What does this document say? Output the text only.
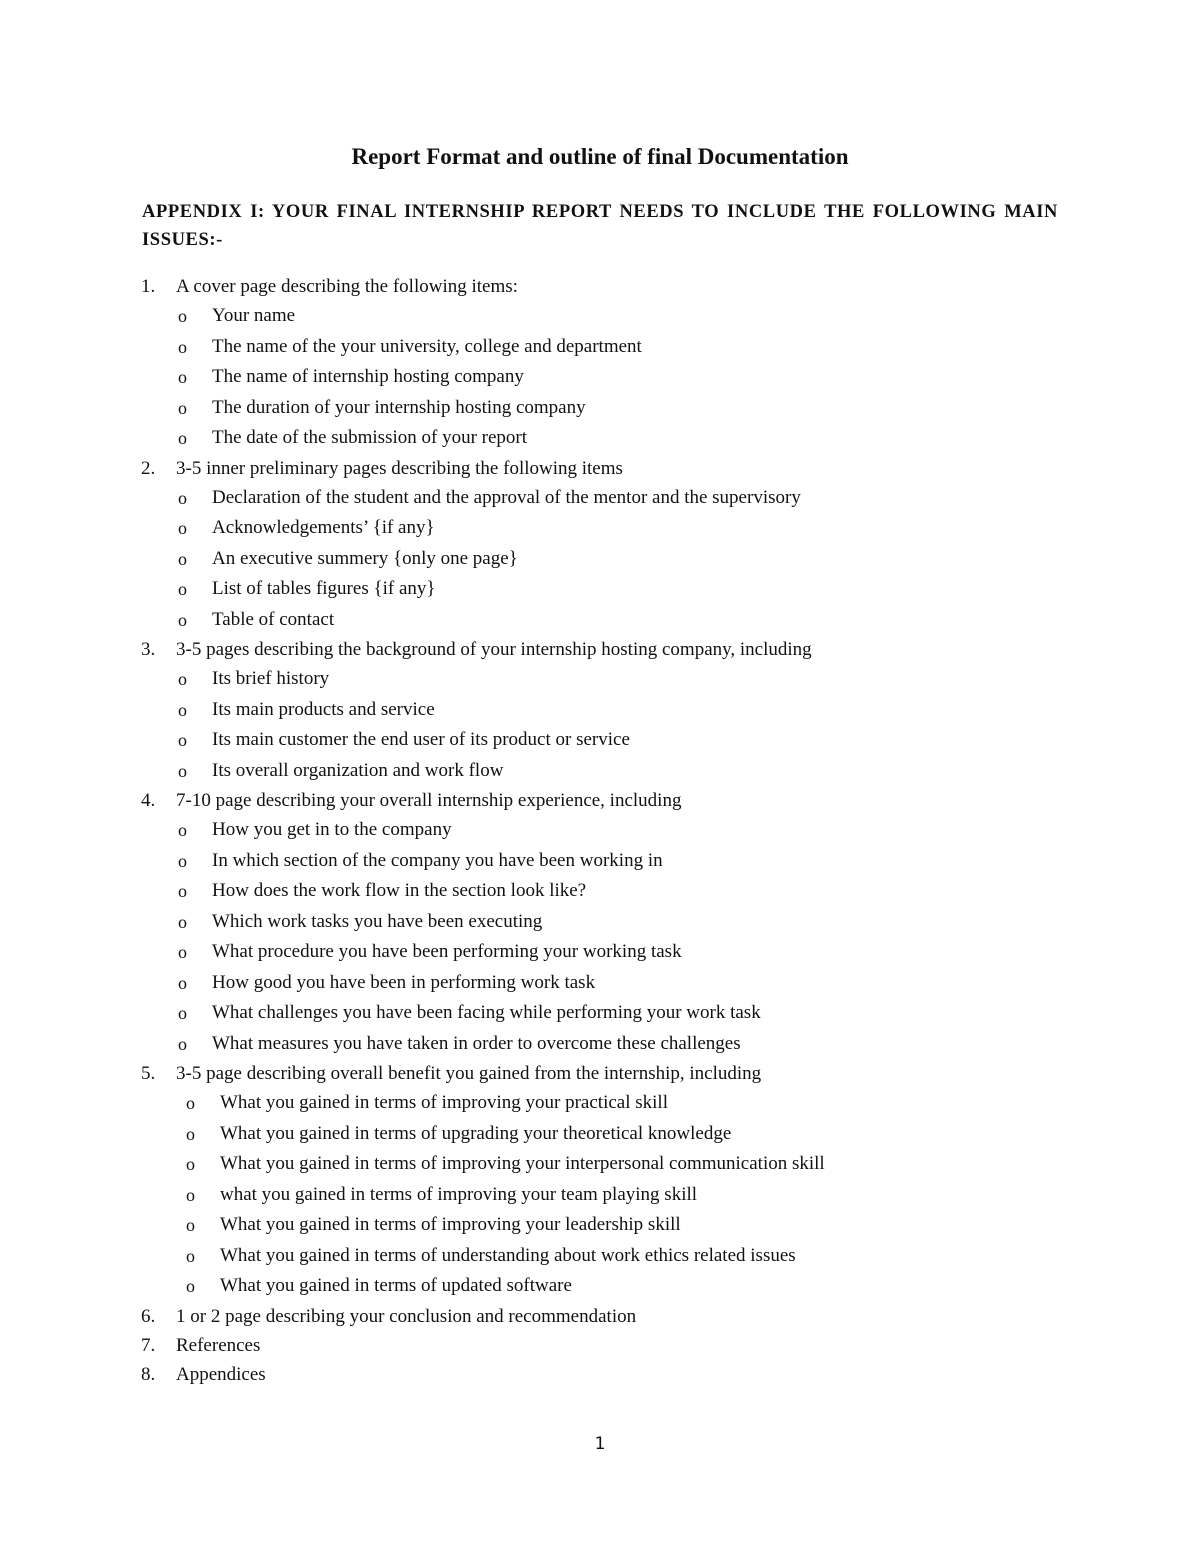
Report Format and outline of final Documentation

APPENDIX I: YOUR FINAL INTERNSHIP REPORT NEEDS TO INCLUDE THE FOLLOWING MAIN ISSUES:-

1. A cover page describing the following items:
o Your name
o The name of the your university, college and department
o The name of internship hosting company
o The duration of your internship hosting company
o The date of the submission of your report
2. 3-5 inner preliminary pages describing the following items
o Declaration of the student and the approval of the mentor and the supervisory
o Acknowledgements’ {if any}
o An executive summery {only one page}
o List of tables figures {if any}
o Table of contact
3. 3-5 pages describing the background of your internship hosting company, including
o Its brief history
o Its main products and service
o Its main customer the end user of its product or service
o Its overall organization and work flow
4. 7-10 page describing your overall internship experience, including
o How you get in to the company
o In which section of the company you have been working in
o How does the work flow in the section look like?
o Which work tasks you have been executing
o What procedure you have been performing your working task
o How good you have been in performing work task
o What challenges you have been facing while performing your work task
o What measures you have taken in order to overcome these challenges
5. 3-5 page describing overall benefit you gained from the internship, including
o What you gained in terms of improving your practical skill
o What you gained in terms of upgrading your theoretical knowledge
o What you gained in terms of improving your interpersonal communication skill
o what you gained in terms of improving your team playing skill
o What you gained in terms of improving your leadership skill
o What you gained in terms of understanding about work ethics related issues
o What you gained in terms of updated software
6. 1 or 2 page describing your conclusion and recommendation
7. References
8. Appendices
1
